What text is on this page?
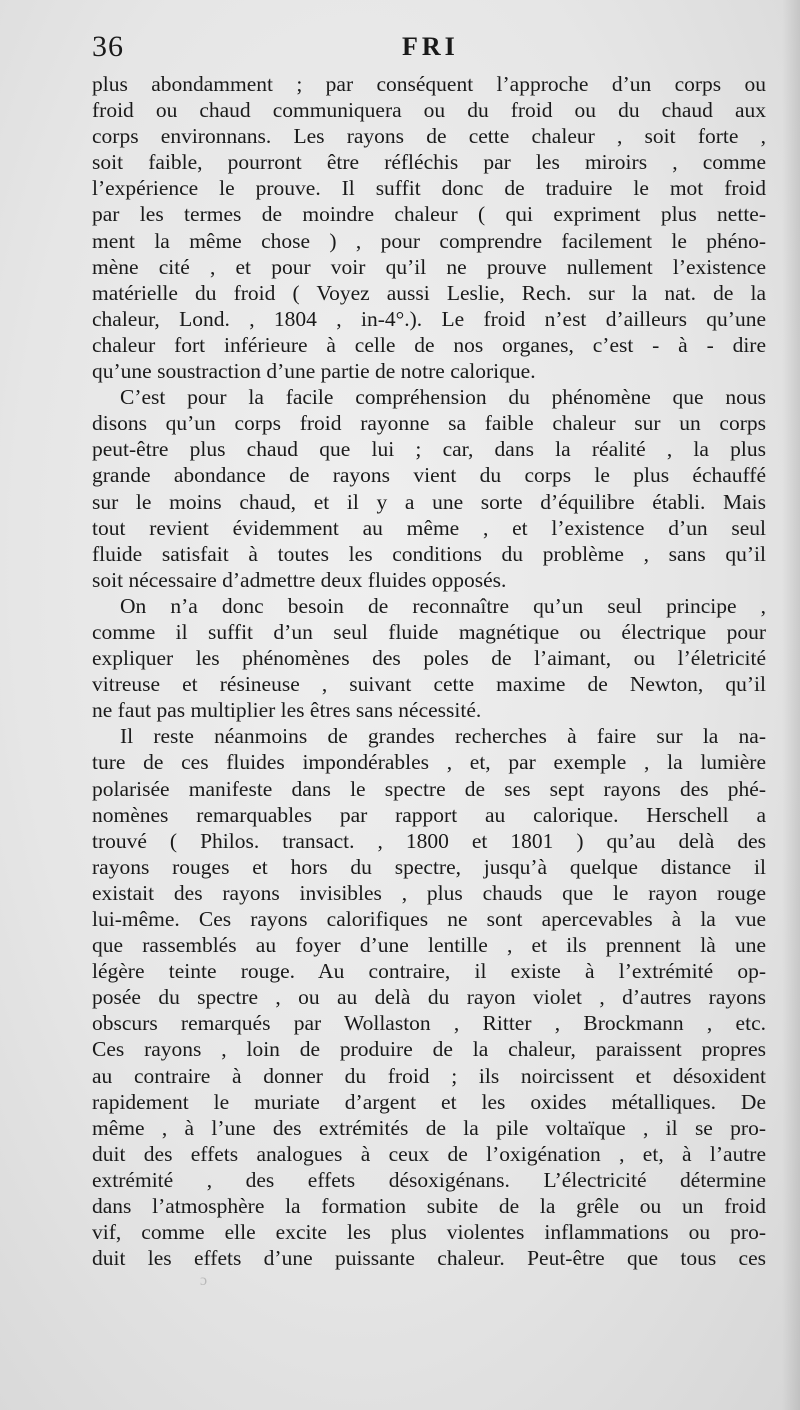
36	FRI
plus abondamment ; par conséquent l’approche d’un corps ou
froid ou chaud communiquera ou du froid ou du chaud aux
corps environnans. Les rayons de cette chaleur , soit forte ,
soit faible, pourront être réfléchis par les miroirs , comme
l’expérience le prouve. Il suffit donc de traduire le mot froid
par les termes de moindre chaleur ( qui expriment plus nette-
ment la même chose ) , pour comprendre facilement le phéno-
mène cité , et pour voir qu’il ne prouve nullement l’existence
matérielle du froid ( Voyez aussi Leslie, Rech. sur la nat. de la
chaleur, Lond. , 1804 , in-4°.). Le froid n’est d’ailleurs qu’une
chaleur fort inférieure à celle de nos organes, c’est - à - dire
qu’une soustraction d’une partie de notre calorique.
C’est pour la facile compréhension du phénomène que nous
disons qu’un corps froid rayonne sa faible chaleur sur un corps
peut-être plus chaud que lui ; car, dans la réalité , la plus
grande abondance de rayons vient du corps le plus échauffé
sur le moins chaud, et il y a une sorte d’équilibre établi. Mais
tout revient évidemment au même , et l’existence d’un seul
fluide satisfait à toutes les conditions du problème , sans qu’il
soit nécessaire d’admettre deux fluides opposés.
On n’a donc besoin de reconnaître qu’un seul principe ,
comme il suffit d’un seul fluide magnétique ou électrique pour
expliquer les phénomènes des poles de l’aimant, ou l’életricité
vitreuse et résineuse , suivant cette maxime de Newton, qu’il
ne faut pas multiplier les êtres sans nécessité.
Il reste néanmoins de grandes recherches à faire sur la na-
ture de ces fluides impondérables , et, par exemple , la lumière
polarisée manifeste dans le spectre de ses sept rayons des phé-
nomènes remarquables par rapport au calorique. Herschell a
trouvé ( Philos. transact. , 1800 et 1801 ) qu’au delà des
rayons rouges et hors du spectre, jusqu’à quelque distance il
existait des rayons invisibles , plus chauds que le rayon rouge
lui-même. Ces rayons calorifiques ne sont apercevables à la vue
que rassemblés au foyer d’une lentille , et ils prennent là une
légère teinte rouge. Au contraire, il existe à l’extrémité op-
posée du spectre , ou au delà du rayon violet , d’autres rayons
obscurs remarqués par Wollaston , Ritter , Brockmann , etc.
Ces rayons , loin de produire de la chaleur, paraissent propres
au contraire à donner du froid ; ils noircissent et désoxident
rapidement le muriate d’argent et les oxides métalliques. De
même , à l’une des extrémités de la pile voltaïque , il se pro-
duit des effets analogues à ceux de l’oxigénation , et, à l’autre
extrémité , des effets désoxigénans. L’électricité détermine
dans l’atmosphère la formation subite de la grêle ou un froid
vif, comme elle excite les plus violentes inflammations ou pro-
duit les effets d’une puissante chaleur. Peut-être que tous ces
ɔ
